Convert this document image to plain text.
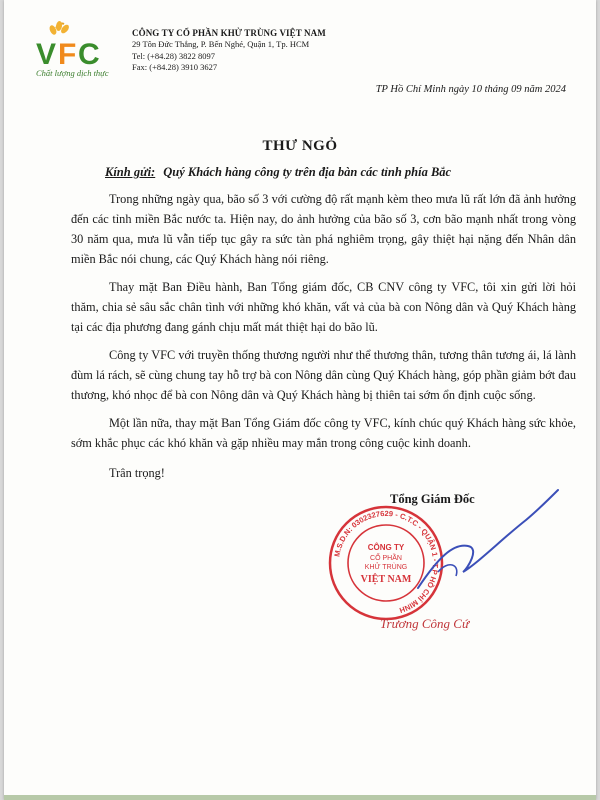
V F C
Chất lượng dịch thực
CÔNG TY CỔ PHẦN KHỬ TRÙNG VIỆT NAM
29 Tôn Đức Thắng, P. Bến Nghé, Quận 1, Tp. HCM
Tel: (+84.28) 3822 8097
Fax: (+84.28) 3910 3627
TP Hồ Chí Minh ngày 10 tháng 09 năm 2024
THƯ NGỎ
Kính gửi: Quý Khách hàng công ty trên địa bàn các tỉnh phía Bắc

Trong những ngày qua, bão số 3 với cường độ rất mạnh kèm theo mưa lũ rất lớn đã ảnh hưởng đến các tỉnh miền Bắc nước ta. Hiện nay, do ảnh hưởng của bão số 3, cơn bão mạnh nhất trong vòng 30 năm qua, mưa lũ vẫn tiếp tục gây ra sức tàn phá nghiêm trọng, gây thiệt hại nặng đến Nhân dân miền Bắc nói chung, các Quý Khách hàng nói riêng.

Thay mặt Ban Điều hành, Ban Tổng giám đốc, CB CNV công ty VFC, tôi xin gửi lời hỏi thăm, chia sẻ sâu sắc chân tình với những khó khăn, vất vả của bà con Nông dân và Quý Khách hàng tại các địa phương đang gánh chịu mất mát thiệt hại do bão lũ.

Công ty VFC với truyền thống thương người như thể thương thân, tương thân tương ái, lá lành đùm lá rách, sẽ cùng chung tay hỗ trợ bà con Nông dân cùng Quý Khách hàng, góp phần giảm bớt đau thương, khó nhọc để bà con Nông dân và Quý Khách hàng bị thiên tai sớm ổn định cuộc sống.

Một lần nữa, thay mặt Ban Tổng Giám đốc công ty VFC, kính chúc quý Khách hàng sức khỏe, sớm khắc phục các khó khăn và gặp nhiều may mắn trong công cuộc kinh doanh.

Trân trọng!
Tổng Giám Đốc
M.S.D.N: 0302327629 - C.T.C - QUẬN 1 - T.P HỒ CHÍ MINH
CÔNG TY
CỔ PHẦN
KHỬ TRÙNG
VIỆT NAM
Trương Công Cứ
